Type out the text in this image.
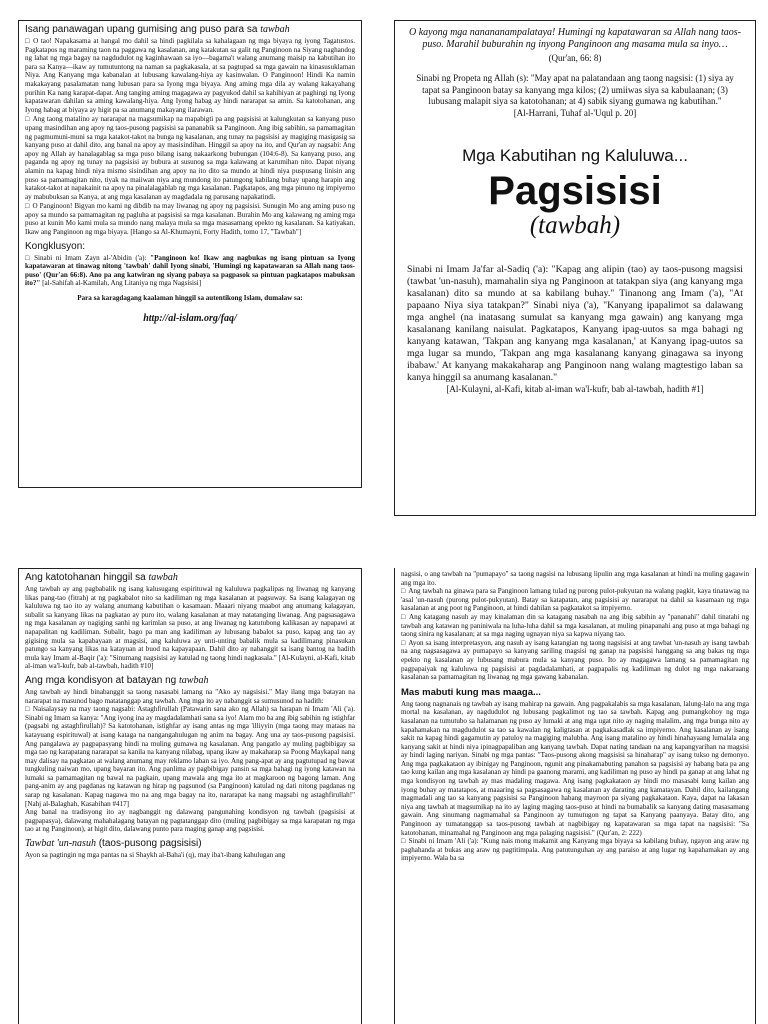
Isang panawagan upang gumising ang puso para sa tawbah

□ O tao! Napakasama at hangal mo dahil sa hindi pagkilala sa kahalagaan ng mga biyaya ng iyong Tagatustos. Pagkatapos ng maraming taon na paggawa ng kasalanan, ang katakutan sa galit ng Panginoon na Siyang naghandog ng lahat ng mga bagay na nagdudulot ng kaginhawaan sa iyo—bagama't walang anumang maisip na kabutihan ito para sa Kanya—ikaw ay tumutuntong na naman sa pagkakasala, at sa pagtupad sa mga gawain na kinasusuklaman Niya. Ang Kanyang mga kabanalan at lubusang kawalang-hiya ay kasinwalan. O Panginoon! Hindi Ka namin makakayang pasalamatan nang lubusan para sa Iyong mga biyaya. Ang aming mga dila ay walang kakayahang purihin Ka nang karapat-dapat. Ang tanging aming magagawa ay pagyukod dahil sa kahihiyan at paghingi ng Iyong kapatawaran dahilan sa aming kawalang-hiya. Ang Iyong habag ay hindi nararapat sa amin. Sa katotohanan, ang Iyong habag at biyaya ay higit pa sa anumang makayang ilarawan.

□ Ang taong matalino ay nararapat na magsumikap na mapabigti pa ang pagsisisi at kalungkutan sa kanyang puso upang masindihan ang apoy ng taos-pusong pagsisisi sa pananabik sa Panginoon. Ang ibig sabihin, sa pamamagitan ng pagmumuni-muni sa mga katakot-takot na bunga ng kasalanan, ang tunay na pagsisisi ay magiging masigasig sa kanyang puso at dahil dito, ang banal na apoy ay masisindihan. Hinggil sa apoy na ito, and Qur'an ay nagsabi: Ang apoy ng Allah ay hanalagablag sa mga puso bilang isang nakaarkong bubungan (104:6-8). Sa kanyang puso, ang paganda ng apoy ng tunay na pagsisisi ay bubura at susunog sa mga kalawang at karumihan nito. Dapat niyang alamin na kapag hindi niya mismo sisindihan ang apoy na ito dito sa mundo at hindi niya puspusang linisin ang puso sa pamamagitan nito, tiyak na maiiwan niya ang mundong ito patungong kabilang buhay upang harapin ang katakot-takot at napakainit na apoy na pinalalagablab ng mga kasalanan. Pagkatapos, ang mga pinuno ng impiyerno ay mabubuksan sa Kanya, at ang mga kasalanan ay magdadala ng parusang napakatindi.

□ O Panginoon! Bigyan mo kami ng dibdib na may liwanag ng apoy ng pagsisisi. Sunugin Mo ang aming puso ng apoy sa mundo sa pamamagitan ng pagluha at pagsisisi sa mga kasalanan. Burahin Mo ang kalawang ng aming mga puso at kunin Mo kami mula sa mundo nang malaya mula sa mga masasamang epekto ng kasalanan. Sa katiyakan, Ikaw ang Panginoon ng mga biyaya. [Hango sa Al-Khumayni, Forty Hadith, tomo 17, "Tawbah"]

Kongklusyon:

□ Sinabi ni Imam Zayn al-'Abidin ('a): "Panginoon ko! Ikaw ang nagbukas ng isang pintuan sa Iyong kapatawaran at tinawag nitong 'tawbah' dahil Iyong sinabi, 'Humingi ng kapatawaran sa Allah nang taos-puso' (Qur'an 66:8). Ano pa ang katwiran ng siyang pabaya sa pagpasok sa pintuan pagkatapos mabuksan ito?" [al-Sahifah al-Kamilah, Ang Litaniya ng mga Nagsisisi]

Para sa karagdagang kaalaman hinggil sa autentikong Islam, dumalaw sa:

http://al-islam.org/faq/
O kayong mga nanananampalataya! Humingi ng kapatawaran sa Allah nang taos-puso. Marahil buburahin ng inyong Panginoon ang masama mula sa inyo…
(Qur'an, 66: 8)
Sinabi ng Propeta ng Allah (s): "May apat na palatandaan ang taong nagsisi: (1) siya ay tapat sa Panginoon batay sa kanyang mga kilos; (2) umiiwas siya sa kabulaanan; (3) lubusang malapit siya sa katotohanan; at 4) sabik siyang gumawa ng kabutihan."
[Al-Harrani, Tuhaf al-'Uqul p. 20]
Mga Kabutihan ng Kaluluwa...
Pagsisisi
(tawbah)
Sinabi ni Imam Ja'far al-Sadiq ('a): "Kapag ang alipin (tao) ay taos-pusong magsisi (tawbat 'un-nasuh), mamahalin siya ng Panginoon at tatakpan siya (ang kanyang mga kasalanan) dito sa mundo at sa kabilang buhay." Tinanong ang Imam ('a), "At papaano Niya siya tatakpan?" Sinabi niya ('a), "Kanyang ipapalimot sa dalawang mga anghel (na inatasang sumulat sa kanyang mga gawain) ang kanyang mga kasalanang kanilang naisulat. Pagkatapos, Kanyang ipag-uutos sa mga bahagi ng kanyang katawan, 'Takpan ang kanyang mga kasalanan,' at Kanyang ipag-uutos sa mga lugar sa mundo, 'Takpan ang mga kasalanang kanyang ginagawa sa inyong ibabaw.' At kanyang makakaharap ang Panginoon nang walang magtestigo laban sa kanya hinggil sa anumang kasalanan."
[Al-Kulayni, al-Kafi, kitab al-iman wa'l-kufr, bab al-tawbah, hadith #1]
Ang katotohanan hinggil sa tawbah

Ang tawbah ay ang pagbabalik ng isang kalusugang espirituwal ng kaluluwa pagkalipas ng liwanag ng kanyang likas pang-tao (fitrah) at ng pagkabalot nito sa kadiliman ng mga kasalanan at pagsuway. Sa isang kalagayan ng kaluluwa ng tao ito ay walang anumang kabutihan o kasamaan. Maaari niyang maabot ang anumang kalagayan, subalit sa kanyang likas na pagkatao ay puro ito, walang kasalanan at may natatanging liwanag. Ang pagsasagawa ng mga kasalanan ay nagiging sanhi ng karimlan sa puso, at ang liwanag ng katutubong kalikasan ay napapawi at napapalitan ng kadiliman. Subalit, bago pa man ang kadiliman ay lubusang babalot sa puso, kapag ang tao ay gigising mula sa kapabayaan at magsisi, ang kaluluwa ay unti-unting babalik mula sa kadilimang pinasukan patungo sa kanyang likas na katayuan at buod na kapayapaan. Dahil dito ay nabanggit sa isang bantog na hadith mula kay Imam al-Baqir ('a): "Sinumang nagsisisi ay katulad ng taong hindi nagkasala." [Al-Kulayni, al-Kafi, kitab al-iman wa'l-kufr, bab al-tawbah, hadith #10]

Ang mga kondisyon at batayan ng tawbah

Ang tawbah ay hindi binabanggit sa taong nasasabi lamang na "Ako ay nagsisisi." May ilang mga batayan na nararapat na masunod bago matatanggap ang tawbah. Ang mga ito ay nabanggit sa sumusunod na hadith:

□ Naisalaysay na may taong nagsabi: Astaghfirullah (Patawarin sana ako ng Allah) sa harapan ni Imam 'Ali ('a). Sinabi ng Imam sa kanya: "Ang iyong ina ay magdadalamhati sana sa iyo! Alam mo ba ang ibig sabihin ng istighfar (pagsabi ng astaghfirullah)? Sa katotohanan, istighfar ay isang antas ng mga 'illiyyin (mga taong may mataas na katayuang espirituwal) at isang kataga na nangangahulugan ng anim na bagay. Ang una ay taos-pusong pagsisisi. Ang pangalawa ay pagpapasyang hindi na muling gumawa ng kasalanan. Ang pangatlo ay muling pagbibigay sa mga tao ng karapatang nararapat sa kanila na kanyang nilabag, upang ikaw ay makaharap sa Poong Maykapal nang may dalisay na pagkatao at walang anumang may reklamo laban sa iyo. Ang pang-apat ay ang pagtutupad ng bawat tungkuling naiwan mo, upang bayaran ito. Ang panlima ay pagbibigay pansin sa mga bahagi ng iyong katawan na lumaki sa pamamagitan ng bawal na pagkain, upang mawala ang mga ito at magkaroon ng bagong laman. Ang pang-anim ay ang pagdanas ng katawan ng hirap ng pagsunod (sa Panginoon) katulad ng dati nitong pagdanas ng sarap ng kasalanan. Kapag nagawa mo na ang mga bagay na ito, nararapat ka nang magsabi ng astaghfirullah!" [Nahj al-Balaghah, Kasabihan #417]

Ang banal na tradisyong ito ay nagbanggit ng dalawang pangunahing kondisyon ng tawbah (pagsisisi at pagpapasya), dalawang mahahalagang batayan ng pagtatanggap dito (muling pagbibigay sa mga karapatan ng mga tao at ng Panginoon), at higit dito, dalawang punto para maging ganap ang pagsisisi.

Tawbat 'un-nasuh (taos-pusong pagsisisi)

Ayon sa pagtingin ng mga pantas na si Shaykh al-Baha'i (q), may iba't-ibang kahulugan ang

nagsisi, o ang tawbah na "pumapayo" sa taong nagsisi na lubusang lipulin ang mga kasalanan at hindi na muling gagawin ang mga ito.

□ Ang tawbah na ginawa para sa Panginoon lamang tulad ng purong pulot-pukyutan na walang pagkit, kaya tinatawag na 'asal 'un-nasuh (purong pulot-pukyutan). Batay sa katapatan, ang pagsisisi ay nararapat na dahil sa kasamaan ng mga kasalanan at ang poot ng Panginoon, at hindi dahilan sa pagkatakot sa impiyerno.

□ Ang katagang nasuh ay may kinalaman din sa katagang nasabah na ang ibig sabihin ay "pananahi" dahil tinatahi ng tawbah ang katawan ng paniniwala na luha-luha dahil sa mga kasalanan, at muling pinapanahi ang puso at mga bahagi ng taong sinira ng kasalanan; at sa mga naging ugnayan niya sa kapwa niyang tao.

□ Ayon sa isang interpretasyon, ang nasuh ay isang katangian ng taong nagsisisi at ang tawbat 'un-nasuh ay isang tawbah na ang nagsasagawa ay pumapayo sa kanyang sariling magsisi ng ganap na pagsisisi hanggang sa ang bakas ng mga epekto ng kasalanan ay lubusang mabura mula sa kanyang puso. Ito ay magagawa lamang sa pamamagitan ng pagpapaiyak ng kaluluwa ng pagsisisi at pagdadalamhati, at pagpapalis ng kadiliman ng dulot ng mga nakaraang kasalanan sa pamamagitan ng liwanag ng mga gawang kabanalan.

Mas mabuti kung mas maaga...

Ang taong nagnanais ng tawbah ay isang mahirap na gawain. Ang pagpakalabis sa mga kasalanan, lalung-lalo na ang mga mortal na kasalanan, ay nagdudulot ng lubusang pagkalimot ng tao sa tawbah. Kapag ang pumangkohoy ng mga kasalanan na tumutubo sa halamanan ng puso ay lumaki at ang mga ugat nito ay naging malalim, ang mga bunga nito ay kapahamakan na magdudulot sa tao sa kawalan ng kaligtasan at pagkakasadlak sa impiyerno. Ang kasalanan ay isang sakit na kapag hindi gagamutin ay patuloy na magiging malubha. Ang isang matalino ay hindi hinahayaang lumalala ang kanyang sakit at hindi niya ipinagpapaliban ang kanyang tawbah. Dapat nating tandaan na ang kapangyarihan na magsisi ay hindi laging nariyan. Sinabi ng mga pantas: "Taos-pusong akong magsisisi sa hinaharap" ay isang tukso ng demonyo. Ang mga pagkakataon ay ibinigay ng Panginoon, ngunit ang pinakamabuting panahon sa pagsisisi ay habang bata pa ang tao kung kailan ang mga kasalanan ay hindi pa gaanong marami, ang kadiliman ng puso ay hindi pa ganap at ang lahat ng mga kondisyon ng tawbah ay mas madaling magawa. Ang isang pagkakataon ay hindi mo masasabi kung kailan ang iyong buhay ay matatapos, at maaaring sa pagsasagawa ng kasalanan ay darating ang kamatayan. Dahil dito, kailangang magmadali ang tao sa kanyang pagsisisi sa Panginoon habang mayroon pa siyang pagkakataon. Kaya, dapat na lakasan niya ang tawbah at magsumikap na ito ay laging maging taos-puso at hindi na bumabalik sa kanyang dating masasamang gawain. Ang sinumang nagmamahal sa Panginoon ay tumutugon ng tapat sa Kanyang paanyaya. Batay dito, ang Panginoon ay tumatanggap sa taos-pusong tawbah at nagbibigay ng kapatawaran sa mga tapat na nagsisisi: "Sa katotohanan, minamahal ng Panginoon ang mga palaging nagsisisi." (Qur'an, 2: 222)

□ Sinabi ni Imam 'Ali ('a): "Kung nais mong makamit ang Kanyang mga biyaya sa kabilang buhay, ngayon ang araw ng paghahanda at bukas ang araw ng pagtitimpala. Ang patutunguhan ay ang paraiso at ang lugar ng kapahamakan ay ang impiyerno. Wala ba sa
